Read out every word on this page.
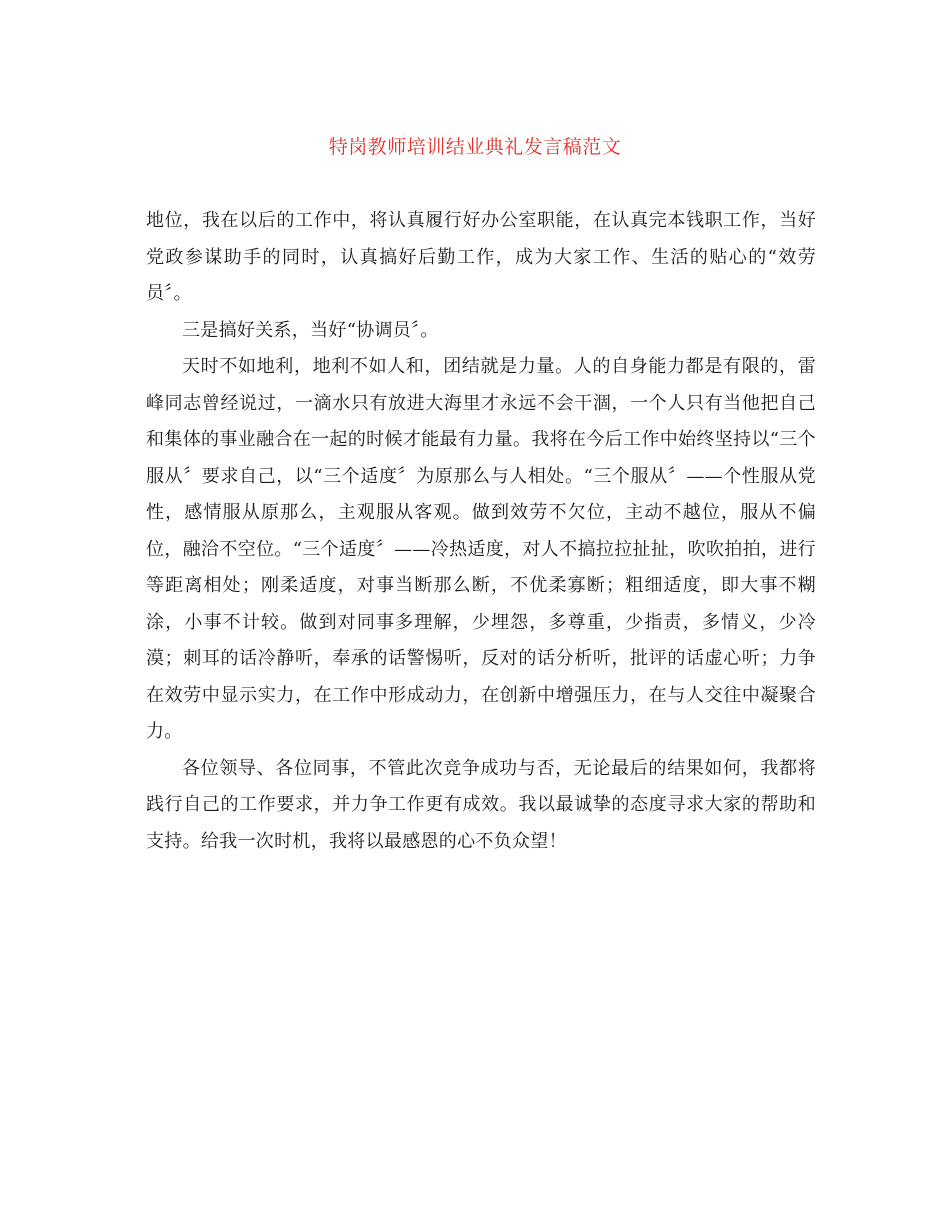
特岗教师培训结业典礼发言稿范文

地位，我在以后的工作中，将认真履行好办公室职能，在认真完本钱职工作，当好党政参谋助手的同时，认真搞好后勤工作，成为大家工作、生活的贴心的“效劳员〞。

三是搞好关系，当好“协调员〞。

天时不如地利，地利不如人和，团结就是力量。人的自身能力都是有限的，雷峰同志曾经说过，一滴水只有放进大海里才永远不会干涸，一个人只有当他把自己和集体的事业融合在一起的时候才能最有力量。我将在今后工作中始终坚持以“三个服从〞要求自己，以“三个适度〞为原那么与人相处。“三个服从〞——个性服从党性，感情服从原那么，主观服从客观。做到效劳不欠位，主动不越位，服从不偏位，融洽不空位。“三个适度〞——冷热适度，对人不搞拉拉扯扯，吹吹拍拍，进行等距离相处；刚柔适度，对事当断那么断，不优柔寡断；粗细适度，即大事不糊涂，小事不计较。做到对同事多理解，少埋怨，多尊重，少指责，多情义，少冷漠；刺耳的话冷静听，奉承的话警惕听，反对的话分析听，批评的话虚心听；力争在效劳中显示实力，在工作中形成动力，在创新中增强压力，在与人交往中凝聚合力。

各位领导、各位同事，不管此次竞争成功与否，无论最后的结果如何，我都将践行自己的工作要求，并力争工作更有成效。我以最诚挚的态度寻求大家的帮助和支持。给我一次时机，我将以最感恩的心不负众望！
